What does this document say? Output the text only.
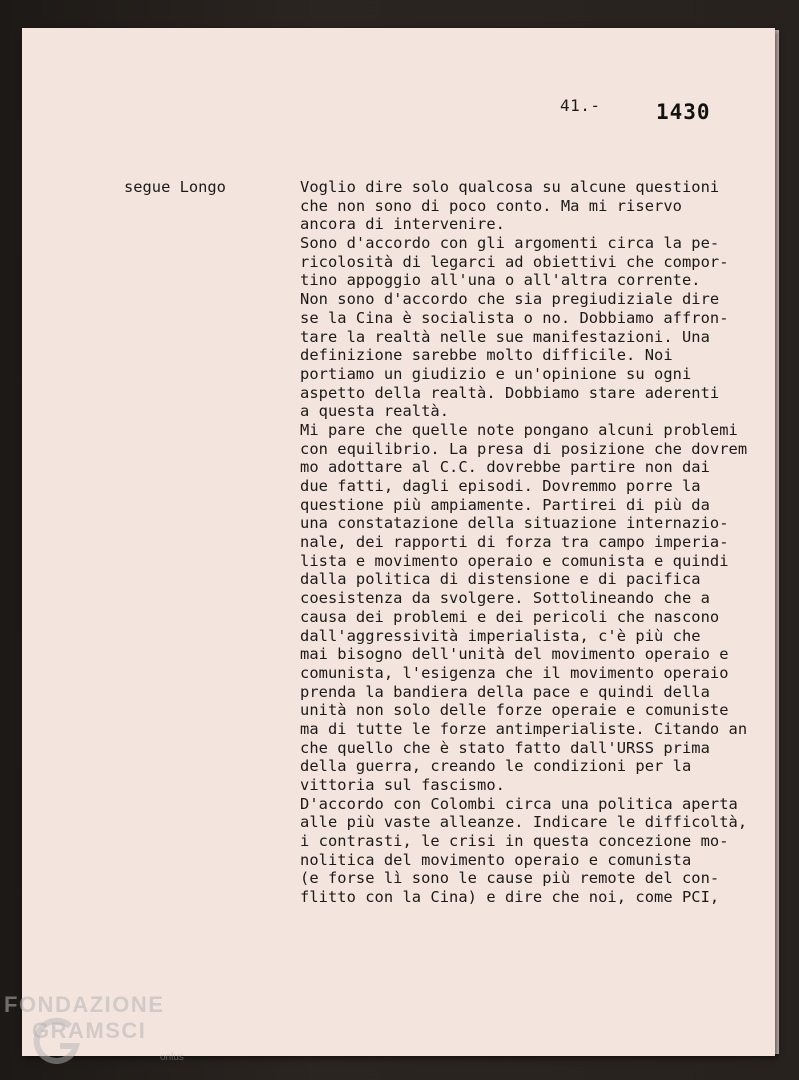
41.-	1430
segue Longo	Voglio dire solo qualcosa su alcune questioni
che non sono di poco conto. Ma mi riservo
ancora di intervenire.
Sono d'accordo con gli argomenti circa la pe-
ricolosità di legarci ad obiettivi che compor-
tino appoggio all'una o all'altra corrente.
Non sono d'accordo che sia pregiudiziale dire
se la Cina è socialista o no. Dobbiamo affron-
tare la realtà nelle sue manifestazioni. Una
definizione sarebbe molto difficile. Noi
portiamo un giudizio e un'opinione su ogni
aspetto della realtà. Dobbiamo stare aderenti
a questa realtà.
Mi pare che quelle note pongano alcuni problemi
con equilibrio. La presa di posizione che dovrem
mo adottare al C.C. dovrebbe partire non dai
due fatti, dagli episodi. Dovremmo porre la
questione più ampiamente. Partirei di più da
una constatazione della situazione internazio-
nale, dei rapporti di forza tra campo imperia-
lista e movimento operaio e comunista e quindi
dalla politica di distensione e di pacifica
coesistenza da svolgere. Sottolineando che a
causa dei problemi e dei pericoli che nascono
dall'aggressività imperialista, c'è più che
mai bisogno dell'unità del movimento operaio e
comunista, l'esigenza che il movimento operaio
prenda la bandiera della pace e quindi della
unità non solo delle forze operaie e comuniste
ma di tutte le forze antimperialiste. Citando an
che quello che è stato fatto dall'URSS prima
della guerra, creando le condizioni per la
vittoria sul fascismo.
D'accordo con Colombi circa una politica aperta
alle più vaste alleanze. Indicare le difficoltà,
i contrasti, le crisi in questa concezione mo-
nolitica del movimento operaio e comunista
(e forse lì sono le cause più remote del con-
flitto con la Cina) e dire che noi, come PCI,
FONDAZIONE
GRAMSCI
onlus
